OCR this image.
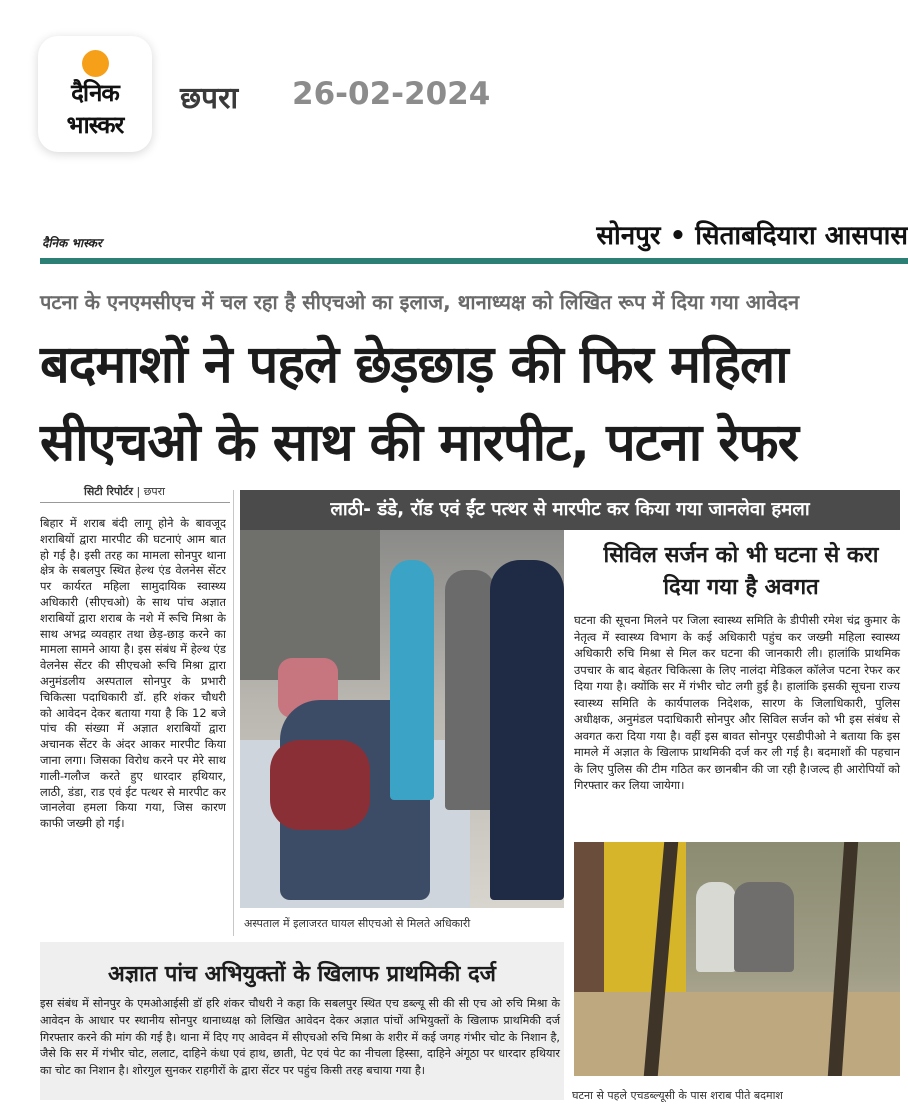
दैनिक
भास्कर
छपरा 26-02-2024
दैनिक भास्कर	सोनपुर • सिताबदियारा आसपास
पटना के एनएमसीएच में चल रहा है सीएचओ का इलाज, थानाध्यक्ष को लिखित रूप में दिया गया आवेदन
बदमाशों ने पहले छेड़छाड़ की फिर महिला
सीएचओ के साथ की मारपीट, पटना रेफर
सिटी रिपोर्टर | छपरा
बिहार में शराब बंदी लागू होने के बावजूद शराबियों द्वारा मारपीट की घटनाएं आम बात हो गई है। इसी तरह का मामला सोनपुर थाना क्षेत्र के सबलपुर स्थित हेल्थ एंड वेलनेस सेंटर पर कार्यरत महिला सामुदायिक स्वास्थ्य अधिकारी (सीएचओ) के साथ पांच अज्ञात शराबियों द्वारा शराब के नशे में रूचि मिश्रा के साथ अभद्र व्यवहार तथा छेड़-छाड़ करने का मामला सामने आया है। इस संबंध में हेल्थ एंड वेलनेस सेंटर की सीएचओ रूचि मिश्रा द्वारा अनुमंडलीय अस्पताल सोनपुर के प्रभारी चिकित्सा पदाधिकारी डॉ. हरि शंकर चौधरी को आवेदन देकर बताया गया है कि 12 बजे पांच की संख्या में अज्ञात शराबियों द्वारा अचानक सेंटर के अंदर आकर मारपीट किया जाना लगा। जिसका विरोध करने पर मेरे साथ गाली-गलौज करते हुए धारदार हथियार, लाठी, डंडा, राड एवं ईट पत्थर से मारपीट कर जानलेवा हमला किया गया, जिस कारण काफी जख्मी हो गई।
लाठी- डंडे, रॉड एवं ईंट पत्थर से मारपीट कर किया गया जानलेवा हमला
अस्पताल में इलाजरत घायल सीएचओ से मिलते अधिकारी
सिविल सर्जन को भी घटना से करा दिया गया है अवगत
घटना की सूचना मिलने पर जिला स्वास्थ्य समिति के डीपीसी रमेश चंद्र कुमार के नेतृत्व में स्वास्थ्य विभाग के कई अधिकारी पहुंच कर जख्मी महिला स्वास्थ्य अधिकारी रुचि मिश्रा से मिल कर घटना की जानकारी ली। हालांकि प्राथमिक उपचार के बाद बेहतर चिकित्सा के लिए नालंदा मेडिकल कॉलेज पटना रेफर कर दिया गया है। क्योंकि सर में गंभीर चोट लगी हुई है। हालांकि इसकी सूचना राज्य स्वास्थ्य समिति के कार्यपालक निदेशक, सारण के जिलाधिकारी, पुलिस अधीक्षक, अनुमंडल पदाधिकारी सोनपुर और सिविल सर्जन को भी इस संबंध से अवगत करा दिया गया है। वहीं इस बावत सोनपुर एसडीपीओ ने बताया कि इस मामले में अज्ञात के खिलाफ प्राथमिकी दर्ज कर ली गई है। बदमाशों की पहचान के लिए पुलिस की टीम गठित कर छानबीन की जा रही है।जल्द ही आरोपियों को गिरफ्तार कर लिया जायेगा।
घटना से पहले एचडब्ल्यूसी के पास शराब पीते बदमाश
अज्ञात पांच अभियुक्तों के खिलाफ प्राथमिकी दर्ज
इस संबंध में सोनपुर के एमओआईसी डॉ हरि शंकर चौधरी ने कहा कि सबलपुर स्थित एच डब्ल्यू सी की सी एच ओ रुचि मिश्रा के आवेदन के आधार पर स्थानीय सोनपुर थानाध्यक्ष को लिखित आवेदन देकर अज्ञात पांचों अभियुक्तों के खिलाफ प्राथमिकी दर्ज गिरफ्तार करने की मांग की गई है। थाना में दिए गए आवेदन में सीएचओ रुचि मिश्रा के शरीर में कई जगह गंभीर चोट के निशान है, जैसे कि सर में गंभीर चोट, ललाट, दाहिने कंधा एवं हाथ, छाती, पेट एवं पेट का नीचला हिस्सा, दाहिने अंगूठा पर धारदार हथियार का चोट का निशान है। शोरगुल सुनकर राहगीरों के द्वारा सेंटर पर पहुंच किसी तरह बचाया गया है।
